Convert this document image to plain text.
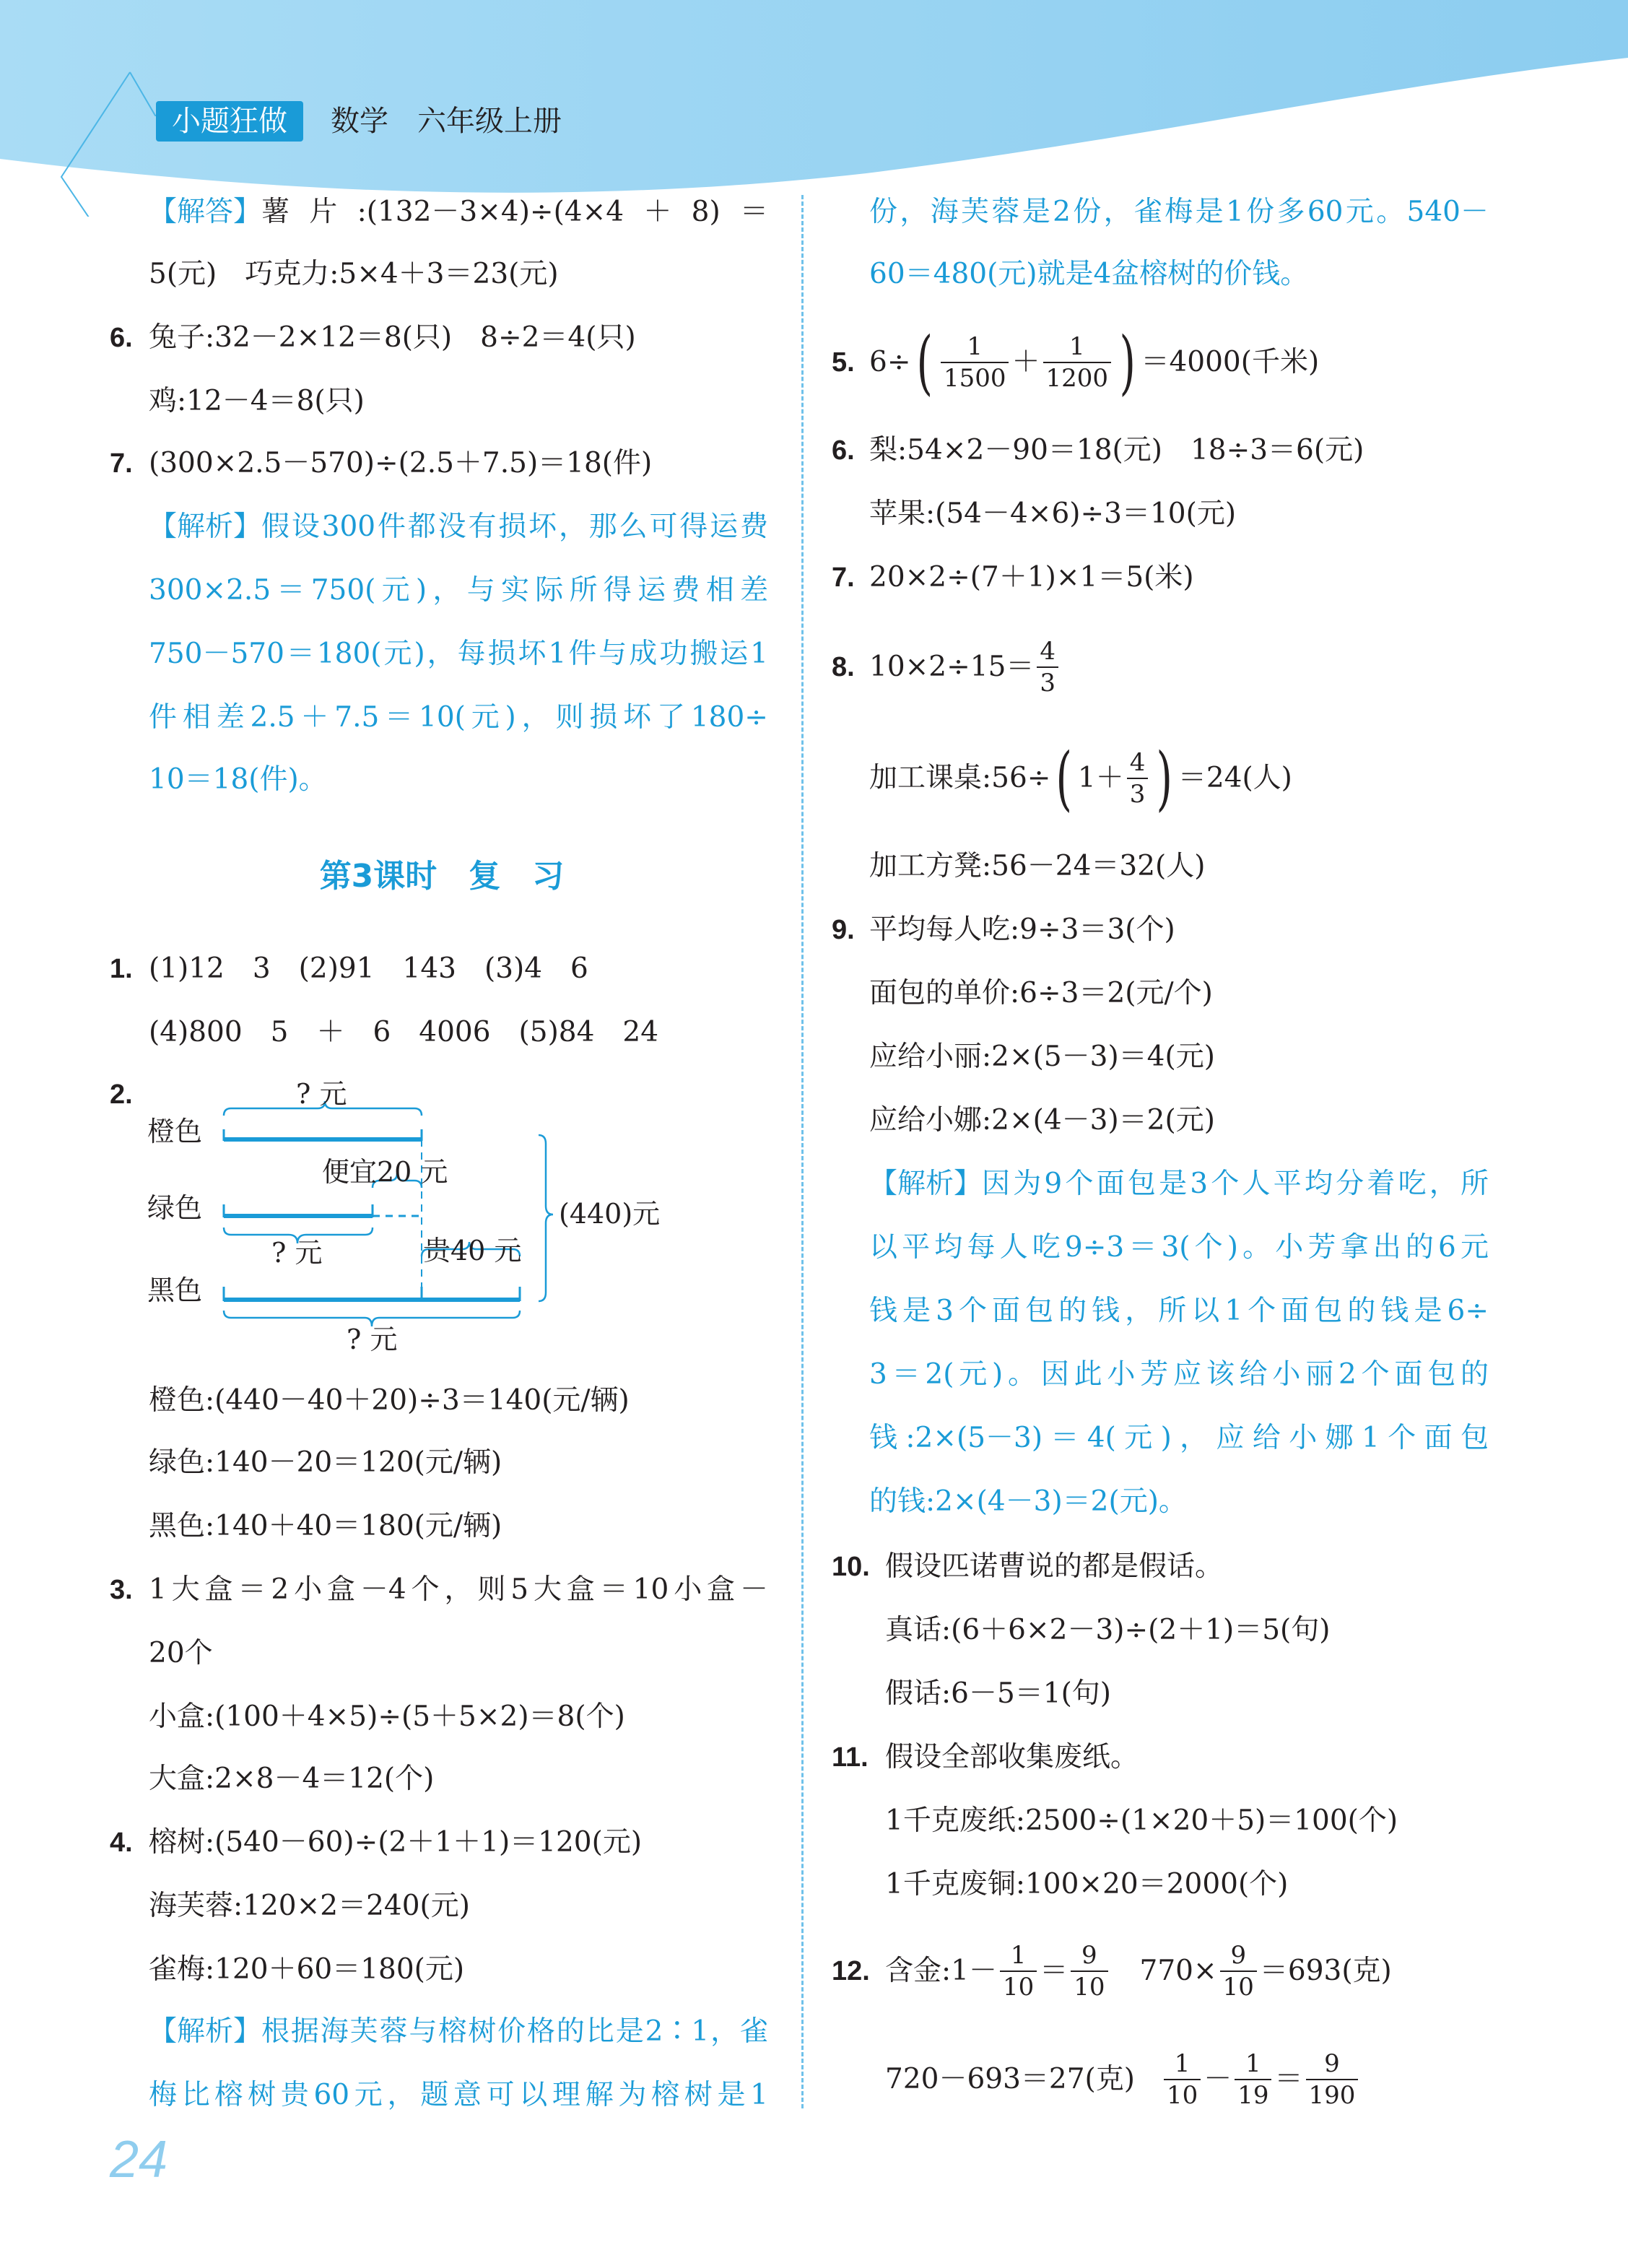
小题狂做	数学　六年级上册
【解答】 薯片:(132－3×4)÷(4×4＋8)＝
5(元)　巧克力:5×4＋3＝23(元)
6. 兔子:32－2×12＝8(只)　8÷2＝4(只)
鸡:12－4＝8(只)
7. (300×2.5－570)÷(2.5＋7.5)＝18(件)
【解析】 假设300件都没有损坏，那么可得运费
300×2.5＝750(元)，与实际所得运费相差
750－570＝180(元)，每损坏1件与成功搬运1
件相差2.5＋7.5＝10(元)，则损坏了180÷
10＝18(件)。
第3课时　复　习
1. (1)12　3　(2)91　143　(3)4　6
(4)800　5　＋　6　4006　(5)84　24
2.
橙色
绿色
黑色
? 元
便宜20 元
? 元	贵40 元
? 元
(440)元
橙色:(440－40＋20)÷3＝140(元/辆)
绿色:140－20＝120(元/辆)
黑色:140＋40＝180(元/辆)
3. 1大盒＝2小盒－4个，则5大盒＝10小盒－
20个
小盒:(100＋4×5)÷(5＋5×2)＝8(个)
大盒:2×8－4＝12(个)
4. 榕树:(540－60)÷(2＋1＋1)＝120(元)
海芙蓉:120×2＝240(元)
雀梅:120＋60＝180(元)
【解析】 根据海芙蓉与榕树价格的比是2∶1，雀
梅比榕树贵60元，题意可以理解为榕树是1
24
份，海芙蓉是2份，雀梅是1份多60元。540－
60＝480(元)就是4盆榕树的价钱。
5. 6÷ ( $\frac{1}{1500} + \frac{1}{1200}$ ) ＝4000(千米)
6. 梨:54×2－90＝18(元)　18÷3＝6(元)
苹果:(54－4×6)÷3＝10(元)
7. 20×2÷(7＋1)×1＝5(米)
8. $10\times 2\div 15= \frac{4}{3}$
加工课桌:56÷ ( $1+ \frac{4}{3}$ ) ＝24(人)
加工方凳:56－24＝32(人)
9. 平均每人吃:9÷3＝3(个)
面包的单价:6÷3＝2(元/个)
应给小丽:2×(5－3)＝4(元)
应给小娜:2×(4－3)＝2(元)
【解析】 因为9个面包是3个人平均分着吃，所
以平均每人吃9÷3＝3(个)。小芳拿出的6元
钱是3个面包的钱，所以1个面包的钱是6÷
3＝2(元)。因此小芳应该给小丽2个面包的
钱:2×(5－3)＝4(元)，应给小娜1个面包
的钱:2×(4－3)＝2(元)。
10. 假设匹诺曹说的都是假话。
真话:(6＋6×2－3)÷(2＋1)＝5(句)
假话:6－5＝1(句)
11. 假设全部收集废纸。
1千克废纸:2500÷(1×20＋5)＝100(个)
1千克废铜:100×20＝2000(个)
12. 含金:1－ $\frac{1}{10} = \frac{9}{10} 770\times \frac{9}{10} =693$(克)
720－693＝27(克) $\frac{1}{10} - \frac{1}{19} = \frac{9}{190}$
